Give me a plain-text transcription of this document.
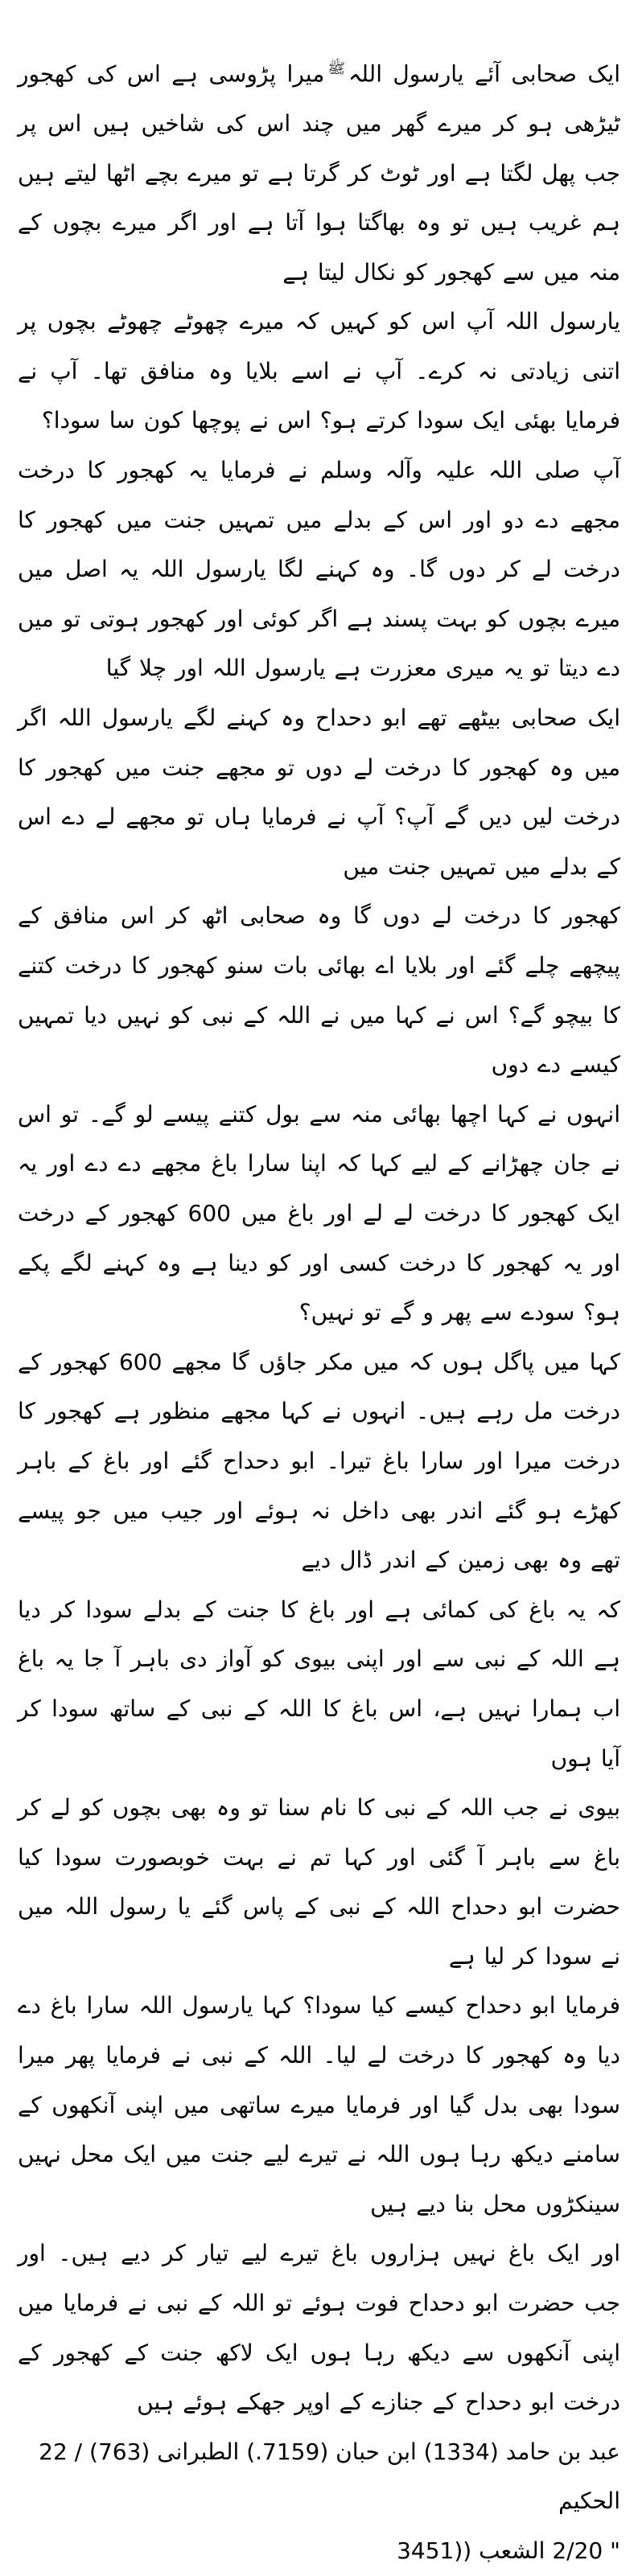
ایک صحابی آئے یارسول اللہﷺمیرا پڑوسی ہے اس کی کھجور ٹیڑھی ہو کر میرے گھر میں چند اس کی شاخیں ہیں اس پر جب پھل لگتا ہے اور ٹوٹ کر گرتا ہے تو میرے بچے اٹھا لیتے ہیں ہم غریب ہیں تو وہ بھاگتا ہوا آتا ہے اور اگر میرے بچوں کے منہ میں سے کھجور کو نکال لیتا ہے

یارسول اللہ آپ اس کو کہیں کہ میرے چھوٹے چھوٹے بچوں پر اتنی زیادتی نہ کرے۔ آپ نے اسے بلایا وہ منافق تھا۔ آپ نے فرمایا بھئی ایک سودا کرتے ہو؟ اس نے پوچھا کون سا سودا؟

آپ صلی اللہ علیہ وآلہ وسلم نے فرمایا یہ کھجور کا درخت مجھے دے دو اور اس کے بدلے میں تمہیں جنت میں کھجور کا درخت لے کر دوں گا۔ وہ کہنے لگا یارسول اللہ یہ اصل میں میرے بچوں کو بہت پسند ہے اگر کوئی اور کھجور ہوتی تو میں دے دیتا تو یہ میری معزرت ہے یارسول اللہ اور چلا گیا

ایک صحابی بیٹھے تھے ابو دحداح وہ کہنے لگے یارسول اللہ اگر میں وہ کھجور کا درخت لے دوں تو مجھے جنت میں کھجور کا درخت لیں دیں گے آپ؟ آپ نے فرمایا ہاں تو مجھے لے دے اس کے بدلے میں تمہیں جنت میں

کھجور کا درخت لے دوں گا وہ صحابی اٹھ کر اس منافق کے پیچھے چلے گئے اور بلایا اے بھائی بات سنو کھجور کا درخت کتنے کا بیچو گے؟ اس نے کہا میں نے اللہ کے نبی کو نہیں دیا تمہیں کیسے دے دوں

انہوں نے کہا اچھا بھائی منہ سے بول کتنے پیسے لو گے۔ تو اس نے جان چھڑانے کے لیے کہا کہ اپنا سارا باغ مجھے دے دے اور یہ ایک کھجور کا درخت لے لے اور باغ میں 600 کھجور کے درخت اور یہ کھجور کا درخت کسی اور کو دینا ہے وہ کہنے لگے پکے ہو؟ سودے سے پھر و گے تو نہیں؟

کہا میں پاگل ہوں کہ میں مکر جاؤں گا مجھے 600 کھجور کے درخت مل رہے ہیں۔ انہوں نے کہا مجھے منظور ہے کھجور کا درخت میرا اور سارا باغ تیرا۔ ابو دحداح گئے اور باغ کے باہر کھڑے ہو گئے اندر بھی داخل نہ ہوئے اور جیب میں جو پیسے تھے وہ بھی زمین کے اندر ڈال دیے

کہ یہ باغ کی کمائی ہے اور باغ کا جنت کے بدلے سودا کر دیا ہے اللہ کے نبی سے اور اپنی بیوی کو آواز دی باہر آ جا یہ باغ اب ہمارا نہیں ہے، اس باغ کا اللہ کے نبی کے ساتھ سودا کر آیا ہوں

بیوی نے جب اللہ کے نبی کا نام سنا تو وہ بھی بچوں کو لے کر باغ سے باہر آ گئی اور کہا تم نے بہت خوبصورت سودا کیا حضرت ابو دحداح اللہ کے نبی کے پاس گئے یا رسول اللہ میں نے سودا کر لیا ہے

فرمایا ابو دحداح کیسے کیا سودا؟ کہا یارسول اللہ سارا باغ دے دیا وہ کھجور کا درخت لے لیا۔ اللہ کے نبی نے فرمایا پھر میرا سودا بھی بدل گیا اور فرمایا میرے ساتھی میں اپنی آنکھوں کے سامنے دیکھ رہا ہوں اللہ نے تیرے لیے جنت میں ایک محل نہیں سینکڑوں محل بنا دیے ہیں

اور ایک باغ نہیں ہزاروں باغ تیرے لیے تیار کر دیے ہیں۔ اور جب حضرت ابو دحداح فوت ہوئے تو اللہ کے نبی نے فرمایا میں اپنی آنکھوں سے دیکھ رہا ہوں ایک لاکھ جنت کے کھجور کے درخت ابو دحداح کے جنازے کے اوپر جھکے ہوئے ہیں

عبد بن حامد (1334) ابن حبان (7159.) الطبرانی (763) / 22 الحکیم

" 2/20 الشعب ((3451
